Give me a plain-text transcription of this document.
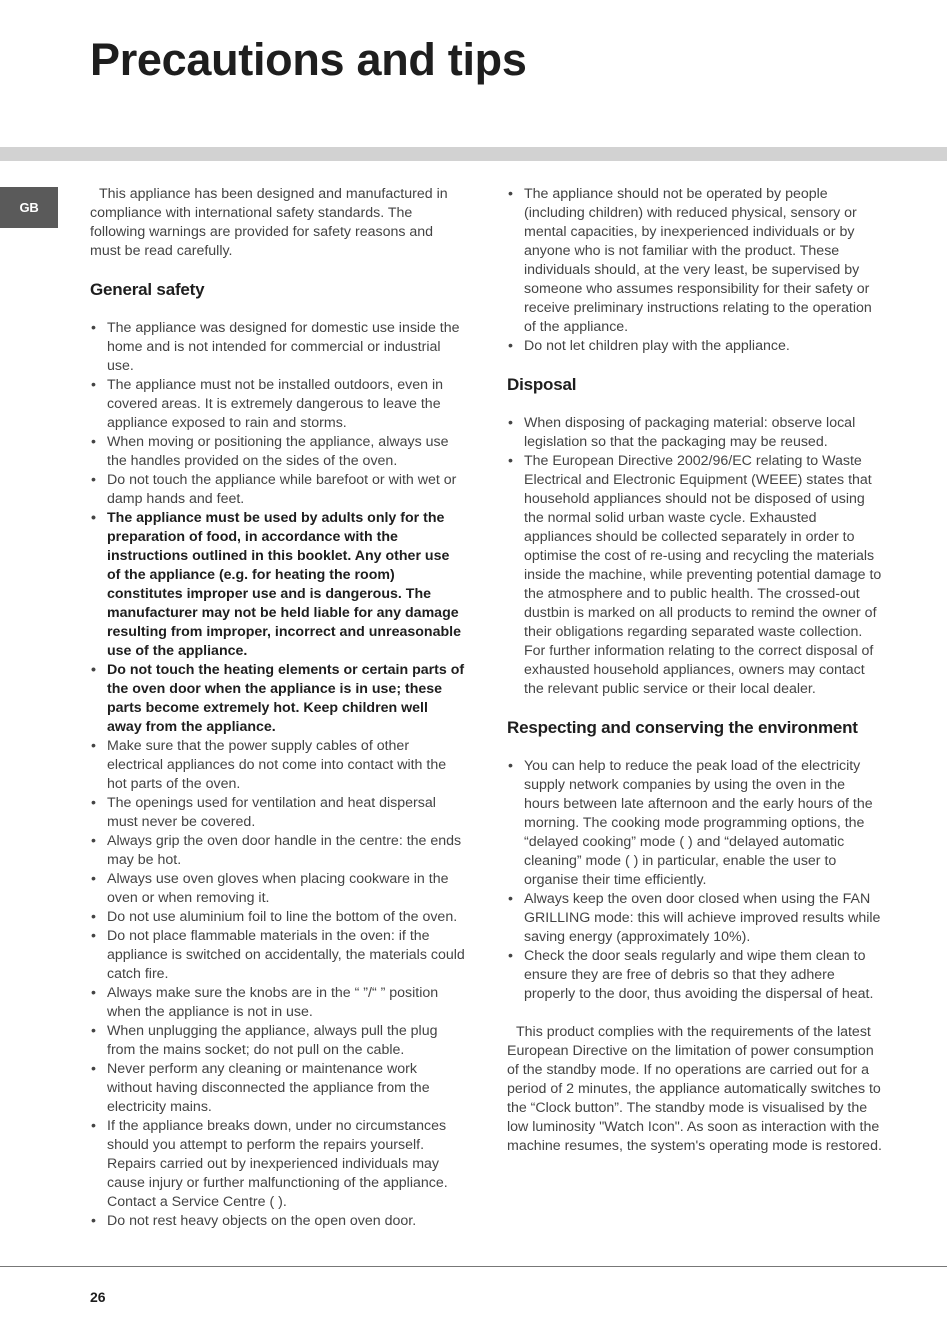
Precautions and tips
GB

This appliance has been designed and manufactured in compliance with international safety standards. The following warnings are provided for safety reasons and must be read carefully.

General safety
• The appliance was designed for domestic use inside the home and is not intended for commercial or industrial use.
• The appliance must not be installed outdoors, even in covered areas. It is extremely dangerous to leave the appliance exposed to rain and storms.
• When moving or positioning the appliance, always use the handles provided on the sides of the oven.
• Do not touch the appliance while barefoot or with wet or damp hands and feet.
• The appliance must be used by adults only for the preparation of food, in accordance with the instructions outlined in this booklet. Any other use of the appliance (e.g. for heating the room) constitutes improper use and is dangerous. The manufacturer may not be held liable for any damage resulting from improper, incorrect and unreasonable use of the appliance.
• Do not touch the heating elements or certain parts of the oven door when the appliance is in use; these parts become extremely hot. Keep children well away from the appliance.
• Make sure that the power supply cables of other electrical appliances do not come into contact with the hot parts of the oven.
• The openings used for ventilation and heat dispersal must never be covered.
• Always grip the oven door handle in the centre: the ends may be hot.
• Always use oven gloves when placing cookware in the oven or when removing it.
• Do not use aluminium foil to line the bottom of the oven.
• Do not place flammable materials in the oven: if the appliance is switched on accidentally, the materials could catch fire.
• Always make sure the knobs are in the “ ”/“ ” position when the appliance is not in use.
• When unplugging the appliance, always pull the plug from the mains socket; do not pull on the cable.
• Never perform any cleaning or maintenance work without having disconnected the appliance from the electricity mains.
• If the appliance breaks down, under no circumstances should you attempt to perform the repairs yourself. Repairs carried out by inexperienced individuals may cause injury or further malfunctioning of the appliance. Contact a Service Centre ( ).
• Do not rest heavy objects on the open oven door.
• The appliance should not be operated by people (including children) with reduced physical, sensory or mental capacities, by inexperienced individuals or by anyone who is not familiar with the product. These individuals should, at the very least, be supervised by someone who assumes responsibility for their safety or receive preliminary instructions relating to the operation of the appliance.
• Do not let children play with the appliance.
Disposal
• When disposing of packaging material: observe local legislation so that the packaging may be reused.
• The European Directive 2002/96/EC relating to Waste Electrical and Electronic Equipment (WEEE) states that household appliances should not be disposed of using the normal solid urban waste cycle. Exhausted appliances should be collected separately in order to optimise the cost of re-using and recycling the materials inside the machine, while preventing potential damage to the atmosphere and to public health. The crossed-out dustbin is marked on all products to remind the owner of their obligations regarding separated waste collection. For further information relating to the correct disposal of exhausted household appliances, owners may contact the relevant public service or their local dealer.
Respecting and conserving the environment
• You can help to reduce the peak load of the electricity supply network companies by using the oven in the hours between late afternoon and the early hours of the morning. The cooking mode programming options, the “delayed cooking” mode ( ) and “delayed automatic cleaning” mode ( ) in particular, enable the user to organise their time efficiently.
• Always keep the oven door closed when using the FAN GRILLING mode: this will achieve improved results while saving energy (approximately 10%).
• Check the door seals regularly and wipe them clean to ensure they are free of debris so that they adhere properly to the door, thus avoiding the dispersal of heat.

This product complies with the requirements of the latest European Directive on the limitation of power consumption of the standby mode. If no operations are carried out for a period of 2 minutes, the appliance automatically switches to the “Clock button”. The standby mode is visualised by the low luminosity "Watch Icon". As soon as interaction with the machine resumes, the system's operating mode is restored.

26
